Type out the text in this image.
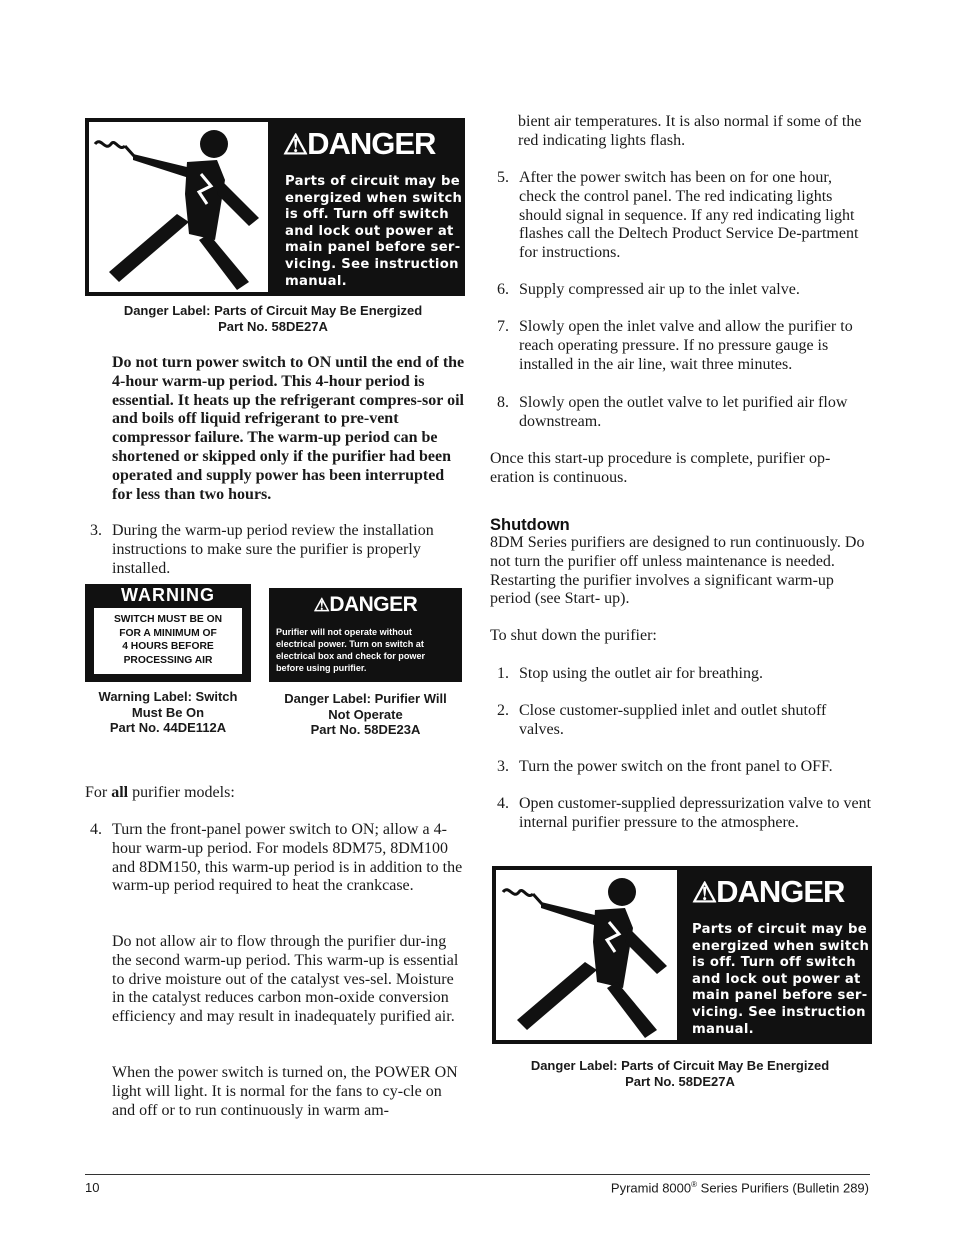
⚠DANGER
Parts of circuit may be
energized when switch
is off. Turn off switch
and lock out power at
main panel before ser-
vicing. See instruction
manual.
Danger Label: Parts of Circuit May Be Energized
Part No. 58DE27A
Do not turn power switch to ON until the end of the 4-hour warm-up period. This 4-hour period is essential. It heats up the refrigerant compres-sor oil and boils off liquid refrigerant to pre-vent compressor failure. The warm-up period can be shortened or skipped only if the purifier had been operated and supply power has been interrupted for less than two hours.
3. During the warm-up period review the installation instructions to make sure the purifier is properly installed.
WARNING
SWITCH MUST BE ON
FOR A MINIMUM OF
4 HOURS BEFORE
PROCESSING AIR
Warning Label: Switch
Must Be On
Part No. 44DE112A
⚠DANGER
Purifier will not operate without
electrical power. Turn on switch at
electrical box and check for power
before using purifier.
Danger Label: Purifier Will
Not Operate
Part No. 58DE23A
For all purifier models:
4. Turn the front-panel power switch to ON; allow a 4-hour warm-up period. For models 8DM75, 8DM100 and 8DM150, this warm-up period is in addition to the warm-up period required to heat the crankcase.
Do not allow air to flow through the purifier dur-ing the second warm-up period. This warm-up is essential to drive moisture out of the catalyst ves-sel. Moisture in the catalyst reduces carbon mon-oxide conversion efficiency and may result in inadequately purified air.
When the power switch is turned on, the POWER ON light will light. It is normal for the fans to cy-cle on and off or to run continuously in warm am-
bient air temperatures. It is also normal if some of the red indicating lights flash.
5. After the power switch has been on for one hour, check the control panel. The red indicating lights should signal in sequence. If any red indicating light flashes call the Deltech Product Service De-partment for instructions.
6. Supply compressed air up to the inlet valve.
7. Slowly open the inlet valve and allow the purifier to reach operating pressure. If no pressure gauge is installed in the air line, wait three minutes.
8. Slowly open the outlet valve to let purified air flow downstream.
Once this start-up procedure is complete, purifier op-eration is continuous.
Shutdown
8DM Series purifiers are designed to run continuously. Do not turn the purifier off unless maintenance is needed. Restarting the purifier involves a significant warm-up period (see Start- up).
To shut down the purifier:
1. Stop using the outlet air for breathing.
2. Close customer-supplied inlet and outlet shutoff valves.
3. Turn the power switch on the front panel to OFF.
4. Open customer-supplied depressurization valve to vent internal purifier pressure to the atmosphere.
⚠DANGER
Parts of circuit may be
energized when switch
is off. Turn off switch
and lock out power at
main panel before ser-
vicing. See instruction
manual.
Danger Label: Parts of Circuit May Be Energized
Part No. 58DE27A
10	Pyramid 8000® Series Purifiers (Bulletin 289)
